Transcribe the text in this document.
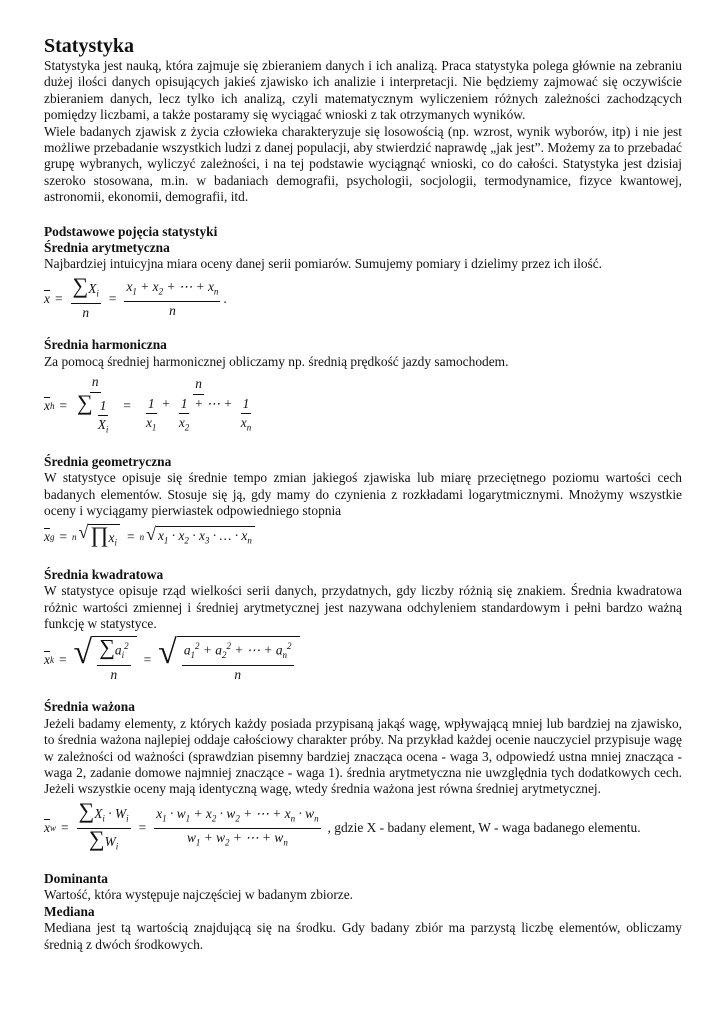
Statystyka

Statystyka jest nauką, która zajmuje się zbieraniem danych i ich analizą. Praca statystyka polega głównie na zebraniu dużej ilości danych opisujących jakieś zjawisko ich analizie i interpretacji. Nie będziemy zajmować się oczywiście zbieraniem danych, lecz tylko ich analizą, czyli matematycznym wyliczeniem różnych zależności zachodzących pomiędzy liczbami, a także postaramy się wyciągać wnioski z tak otrzymanych wyników.

Wiele badanych zjawisk z życia człowieka charakteryzuje się losowością (np. wzrost, wynik wyborów, itp) i nie jest możliwe przebadanie wszystkich ludzi z danej populacji, aby stwierdzić naprawdę „jak jest”. Możemy za to przebadać grupę wybranych, wyliczyć zależności, i na tej podstawie wyciągnąć wnioski, co do całości. Statystyka jest dzisiaj szeroko stosowana, m.in. w badaniach demografii, psychologii, socjologii, termodynamice, fizyce kwantowej, astronomii, ekonomii, demografii, itd.

Podstawowe pojęcia statystyki
Średnia arytmetyczna

Najbardziej intuicyjna miara oceny danej serii pomiarów. Sumujemy pomiary i dzielimy przez ich ilość.

$\overline{x} = \frac{\sum X_i}{n} = \frac{x_1 + x_2 + \cdots + x_n}{n}$ .
Średnia harmoniczna

Za pomocą średniej harmonicznej obliczamy np. średnią prędkość jazdy samochodem.

$\overline{x}$ $h = \frac{n}{\sum \frac{1}{X_i}} = \frac{n}{\frac{1}{x_1} + \frac{1}{x_2} + \cdots + \frac{1}{x_n}}$
Średnia geometryczna

W statystyce opisuje się średnie tempo zmian jakiegoś zjawiska lub miarę przeciętnego poziomu wartości cech badanych elementów. Stosuje się ją, gdy mamy do czynienia z rozkładami logarytmicznymi. Mnożymy wszystkie oceny i wyciągamy pierwiastek odpowiedniego stopnia

$\overline{x}$ g = n √ $\prod x_i = n$ √ $x_1 \cdot x_2 \cdot x_3$ · … · $x_n$
Średnia kwadratowa

W statystyce opisuje rząd wielkości serii danych, przydatnych, gdy liczby różnią się znakiem. Średnia kwadratowa różnic wartości zmiennej i średniej arytmetycznej jest nazywana odchyleniem standardowym i pełni bardzo ważną funkcję w statystyce.

$\overline{x}$ k = √ $\frac{\sum a_i^2}{n}$ = √ $\frac{a_1^2 + a_2^2 + \cdots + a_n^2}{n}$
Średnia ważona

Jeżeli badamy elementy, z których każdy posiada przypisaną jakąś wagę, wpływającą mniej lub bardziej na zjawisko, to średnia ważona najlepiej oddaje całościowy charakter próby. Na przykład każdej ocenie nauczyciel przypisuje wagę w zależności od ważności (sprawdzian pisemny bardziej znacząca ocena - waga 3, odpowiedź ustna mniej znacząca - waga 2, zadanie domowe najmniej znaczące - waga 1). średnia arytmetyczna nie uwzględnia tych dodatkowych cech. Jeżeli wszystkie oceny mają identyczną wagę, wtedy średnia ważona jest równa średniej arytmetycznej.

$\overline{x}$ $w = \frac{\sum X_i \cdot W_i}{\sum W_i} = \frac{x_1 \cdot w_1 + x_2 \cdot w_2 + \cdots + x_n \cdot w_n}{w_1 + w_2 + \cdots + w_n}$ , gdzie X - badany element, W - waga badanego elementu.
Dominanta

Wartość, która występuje najczęściej w badanym zbiorze.

Mediana

Mediana jest tą wartością znajdującą się na środku. Gdy badany zbiór ma parzystą liczbę elementów, obliczamy średnią z dwóch środkowych.
